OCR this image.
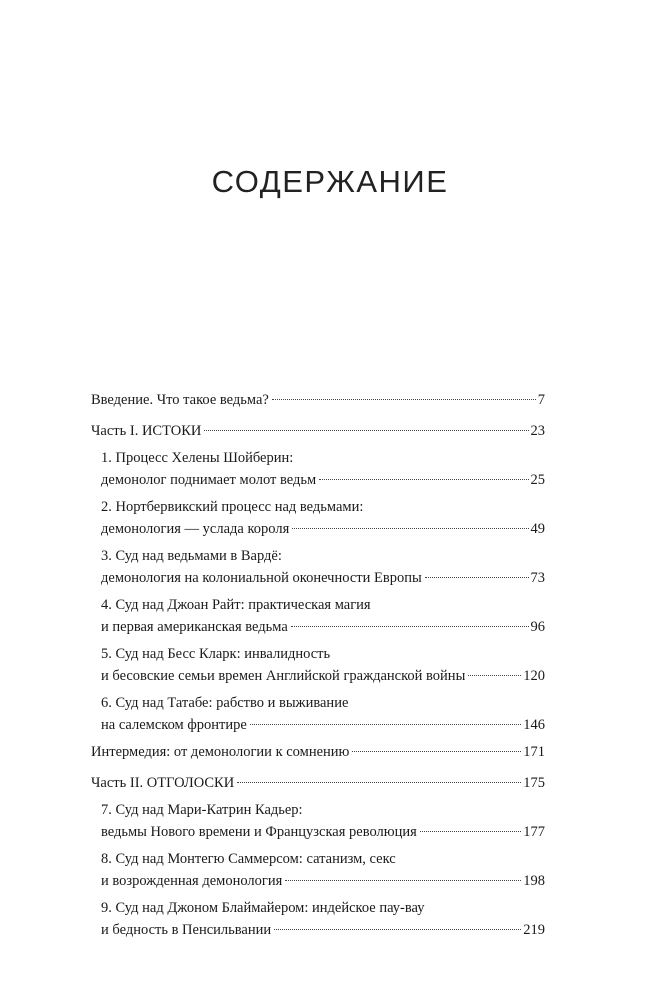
СОДЕРЖАНИЕ
Введение. Что такое ведьма?	7
Часть I. ИСТОКИ	23
1. Процесс Хелены Шойберин:
демонолог поднимает молот ведьм	25
2. Нортбервикский процесс над ведьмами:
демонология — услада короля	49
3. Суд над ведьмами в Вардё:
демонология на колониальной оконечности Европы	73
4. Суд над Джоан Райт: практическая магия
и первая американская ведьма	96
5. Суд над Бесс Кларк: инвалидность
и бесовские семьи времен Английской гражданской войны	120
6. Суд над Татабе: рабство и выживание
на салемском фронтире	146
Интермедия: от демонологии к сомнению	171
Часть II. ОТГОЛОСКИ	175
7. Суд над Мари-Катрин Кадьер:
ведьмы Нового времени и Французская революция	177
8. Суд над Монтегю Саммерсом: сатанизм, секс
и возрожденная демонология	198
9. Суд над Джоном Блаймайером: индейское пау-вау
и бедность в Пенсильвании	219
